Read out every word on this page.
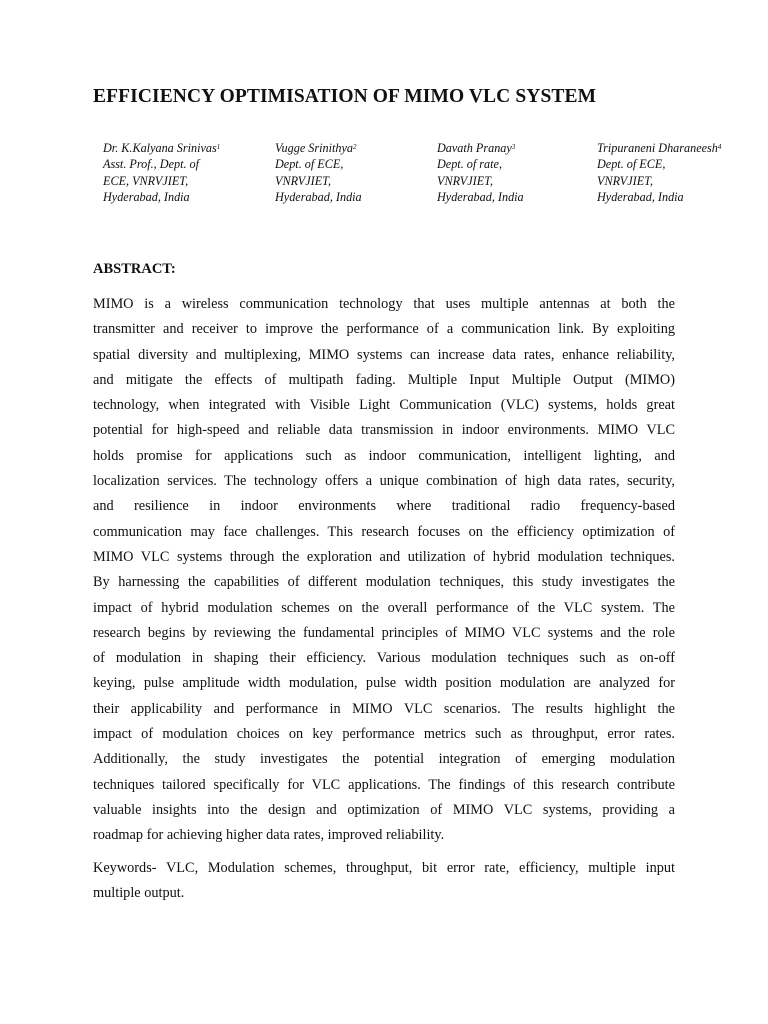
EFFICIENCY OPTIMISATION OF MIMO VLC SYSTEM
Dr. K.Kalyana Srinivas$^1$
Asst. Prof., Dept. of
ECE, VNRVJIET,
Hyderabad, India
Vugge Srinithya$^2$
Dept. of ECE,
VNRVJIET,
Hyderabad, India
Davath Pranay$^3$
Dept. of rate,
VNRVJIET,
Hyderabad, India
Tripuraneni Dharaneesh$^4$
Dept. of ECE,
VNRVJIET,
Hyderabad, India
ABSTRACT:
MIMO is a wireless communication technology that uses multiple antennas at both the
transmitter and receiver to improve the performance of a communication link. By exploiting
spatial diversity and multiplexing, MIMO systems can increase data rates, enhance reliability,
and mitigate the effects of multipath fading. Multiple Input Multiple Output (MIMO)
technology, when integrated with Visible Light Communication (VLC) systems, holds great
potential for high-speed and reliable data transmission in indoor environments. MIMO VLC
holds promise for applications such as indoor communication, intelligent lighting, and
localization services. The technology offers a unique combination of high data rates, security,
and resilience in indoor environments where traditional radio frequency-based
communication may face challenges. This research focuses on the efficiency optimization of
MIMO VLC systems through the exploration and utilization of hybrid modulation techniques.
By harnessing the capabilities of different modulation techniques, this study investigates the
impact of hybrid modulation schemes on the overall performance of the VLC system. The
research begins by reviewing the fundamental principles of MIMO VLC systems and the role
of modulation in shaping their efficiency. Various modulation techniques such as on-off
keying, pulse amplitude width modulation, pulse width position modulation are analyzed for
their applicability and performance in MIMO VLC scenarios. The results highlight the
impact of modulation choices on key performance metrics such as throughput, error rates.
Additionally, the study investigates the potential integration of emerging modulation
techniques tailored specifically for VLC applications. The findings of this research contribute
valuable insights into the design and optimization of MIMO VLC systems, providing a
roadmap for achieving higher data rates, improved reliability.
Keywords- VLC, Modulation schemes, throughput, bit error rate, efficiency, multiple input
multiple output.
